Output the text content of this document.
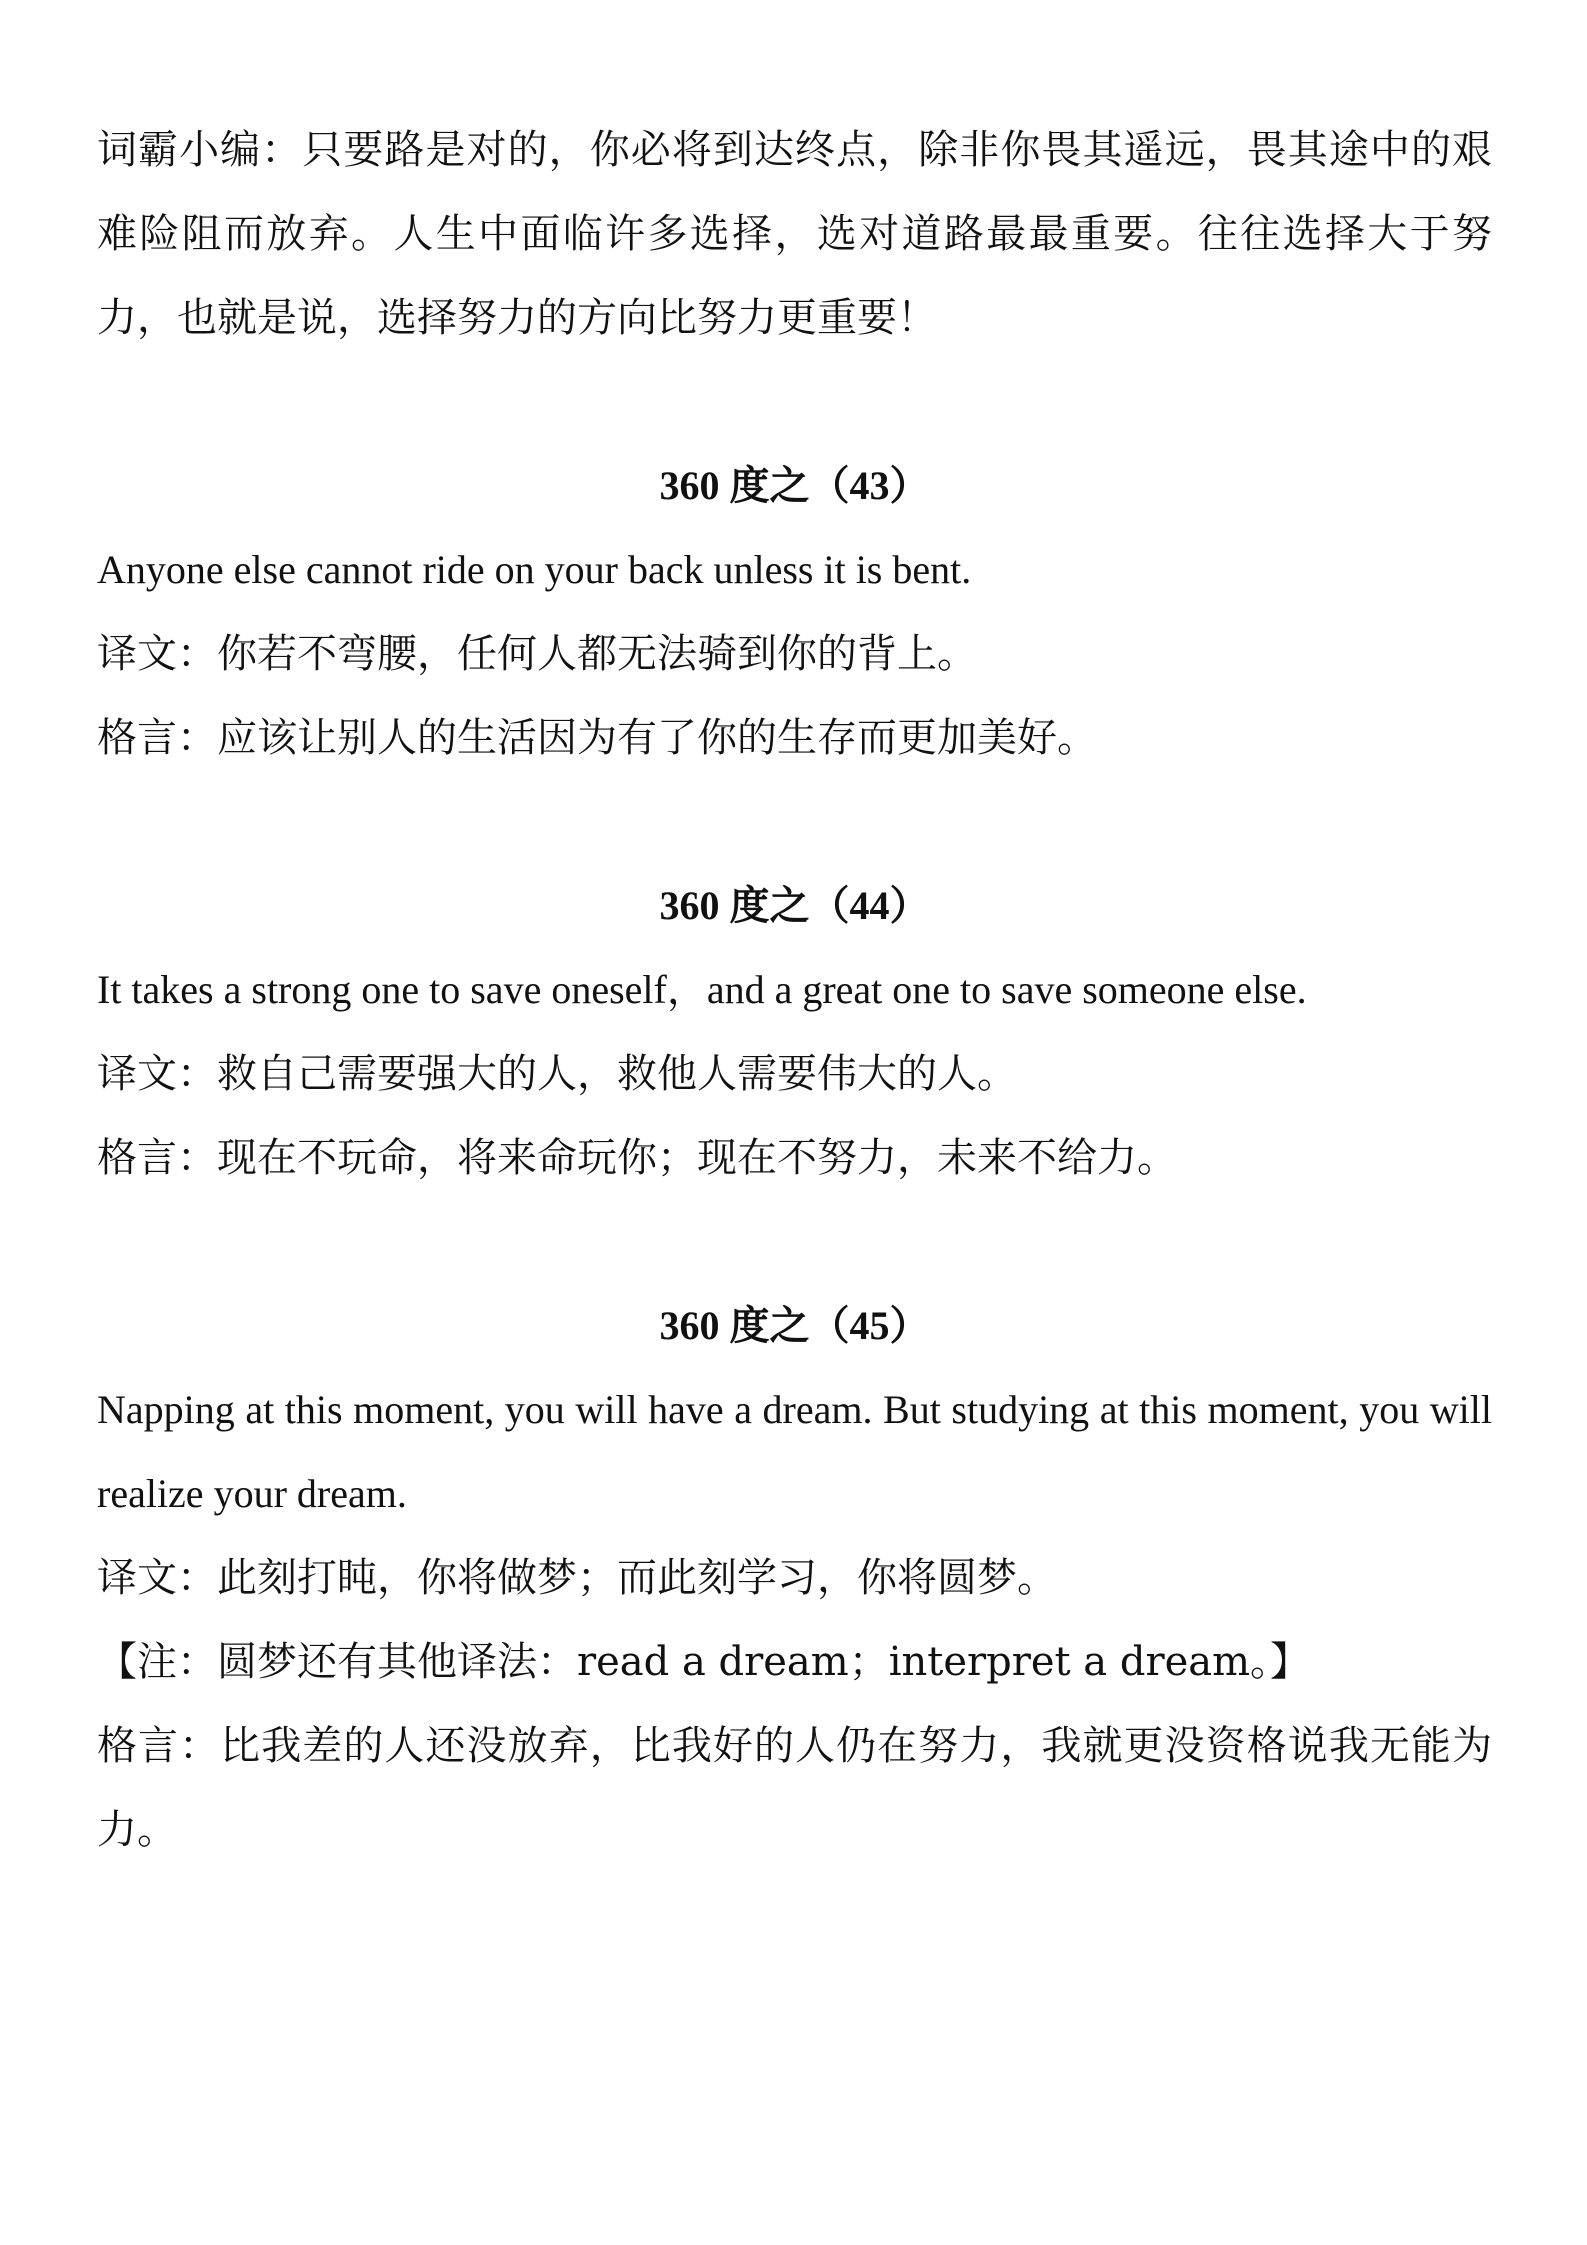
词霸小编：只要路是对的，你必将到达终点，除非你畏其遥远，畏其途中的艰难险阻而放弃。人生中面临许多选择，选对道路最最重要。往往选择大于努力，也就是说，选择努力的方向比努力更重要！

360 度之（43）

Anyone else cannot ride on your back unless it is bent.

译文：你若不弯腰，任何人都无法骑到你的背上。

格言：应该让别人的生活因为有了你的生存而更加美好。

360 度之（44）

It takes a strong one to save oneself，and a great one to save someone else.

译文：救自己需要强大的人，救他人需要伟大的人。

格言：现在不玩命，将来命玩你；现在不努力，未来不给力。

360 度之（45）

Napping at this moment, you will have a dream. But studying at this moment, you will realize your dream.

译文：此刻打盹，你将做梦；而此刻学习，你将圆梦。

【注：圆梦还有其他译法：read a dream；interpret a dream。】

格言：比我差的人还没放弃，比我好的人仍在努力，我就更没资格说我无能为力。
